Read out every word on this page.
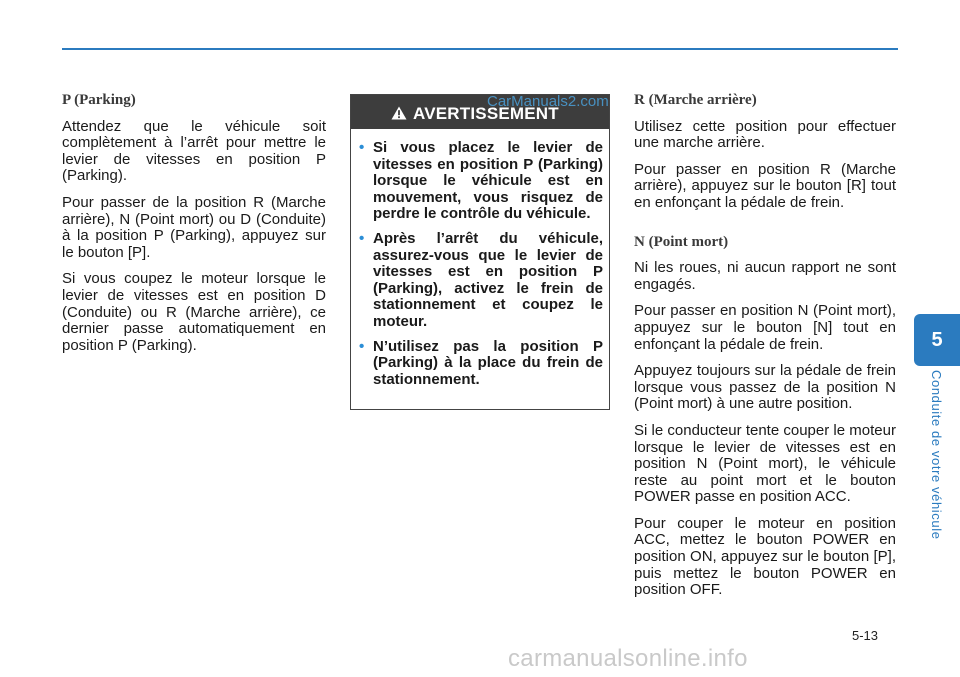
P (Parking)

Attendez que le véhicule soit complètement à l’arrêt pour mettre le levier de vitesses en position P (Parking).

Pour passer de la position R (Marche arrière), N (Point mort) ou D (Conduite) à la position P (Parking), appuyez sur le bouton [P].

Si vous coupez le moteur lorsque le levier de vitesses est en position D (Conduite) ou R (Marche arrière), ce dernier passe automatiquement en position P (Parking).

AVERTISSEMENT
• Si vous placez le levier de vitesses en position P (Parking) lorsque le véhicule est en mouvement, vous risquez de perdre le contrôle du véhicule.
• Après l’arrêt du véhicule, assurez-vous que le levier de vitesses est en position P (Parking), activez le frein de stationnement et coupez le moteur.
• N’utilisez pas la position P (Parking) à la place du frein de stationnement.
CarManuals2.com R (Marche arrière)

Utilisez cette position pour effectuer une marche arrière.

Pour passer en position R (Marche arrière), appuyez sur le bouton [R] tout en enfonçant la pédale de frein.

N (Point mort)

Ni les roues, ni aucun rapport ne sont engagés.

Pour passer en position N (Point mort), appuyez sur le bouton [N] tout en enfonçant la pédale de frein.

Appuyez toujours sur la pédale de frein lorsque vous passez de la position N (Point mort) à une autre position.

Si le conducteur tente couper le moteur lorsque le levier de vitesses est en position N (Point mort), le véhicule reste au point mort et le bouton POWER passe en position ACC.

Pour couper le moteur en position ACC, mettez le bouton POWER en position ON, appuyez sur le bouton [P], puis mettez le bouton POWER en position OFF.

5
Conduite de votre véhicule
5-13
carmanualsonline.info
